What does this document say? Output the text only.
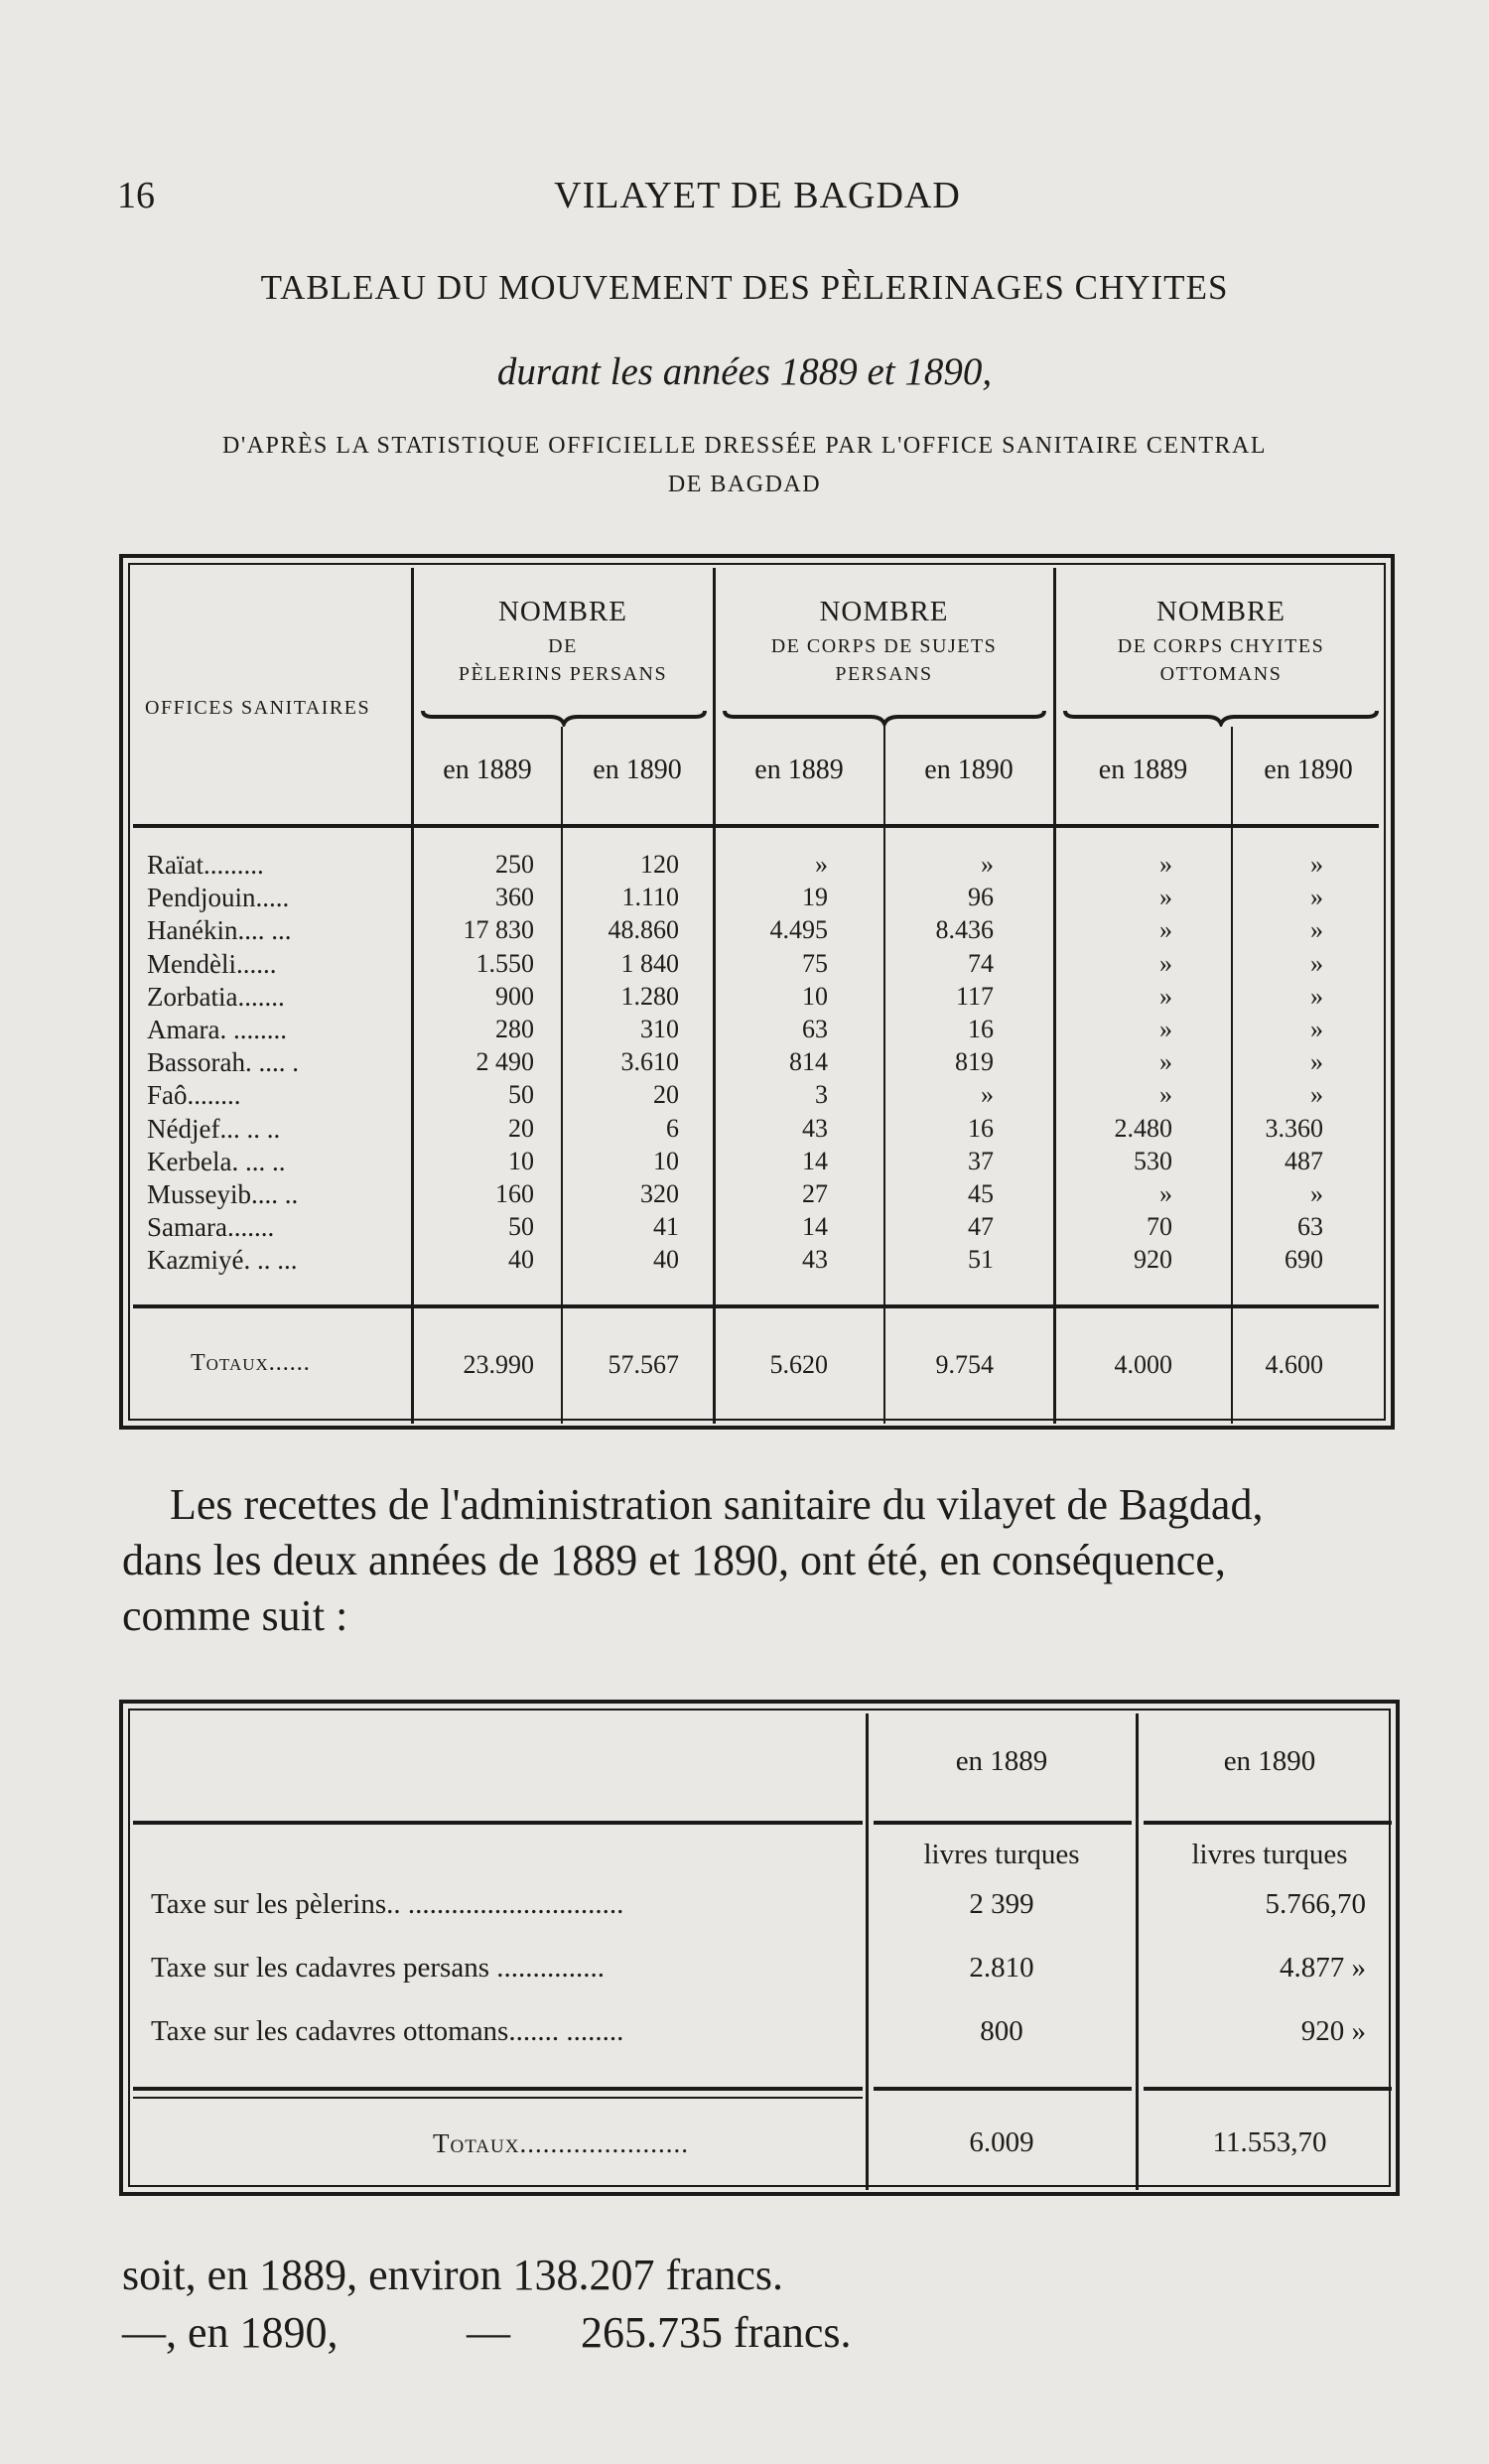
16	VILAYET DE BAGDAD
TABLEAU DU MOUVEMENT DES PÈLERINAGES CHYITES
durant les années 1889 et 1890,
D'APRÈS LA STATISTIQUE OFFICIELLE DRESSÉE PAR L'OFFICE SANITAIRE CENTRAL
DE BAGDAD
NOMBRE
DE
PÈLERINS PERSANS
NOMBRE
DE CORPS DE SUJETS
PERSANS
NOMBRE
DE CORPS CHYITES
OTTOMANS
OFFICES SANITAIRES
en 1889	en 1890	en 1889	en 1890	en 1889	en 1890
Raïat.........	250	120	»	»	»	»
Pendjouin.....	360	1.110	19	96	»	»
Hanékin.... ...	17 830	48.860	4.495	8.436	»	»
Mendèli......	1.550	1 840	75	74	»	»
Zorbatia.......	900	1.280	10	117	»	»
Amara. ........	280	310	63	16	»	»
Bassorah. .... .	2 490	3.610	814	819	»	»
Faô........	50	20	3	»	»	»
Nédjef... .. ..	20	6	43	16	2.480	3.360
Kerbela. ... ..	10	10	14	37	530	487
Musseyib.... ..	160	320	27	45	»	»
Samara.......	50	41	14	47	70	63
Kazmiyé. .. ...	40	40	43	51	920	690
Totaux......	23.990	57.567	5.620	9.754	4.000	4.600
Les recettes de l'administration sanitaire du vilayet de Bagdad,
dans les deux années de 1889 et 1890, ont été, en conséquence,
comme suit :
en 1889	en 1890
livres turques	livres turques
Taxe sur les pèlerins.. ..............................	2 399	5.766,70
Taxe sur les cadavres persans ...............	2.810	4.877 »
Taxe sur les cadavres ottomans....... ........	800	920 »
Totaux......................	6.009	11.553,70
soit, en 1889, environ 138.207 francs.
—, en 1890,	— 265.735 francs.
